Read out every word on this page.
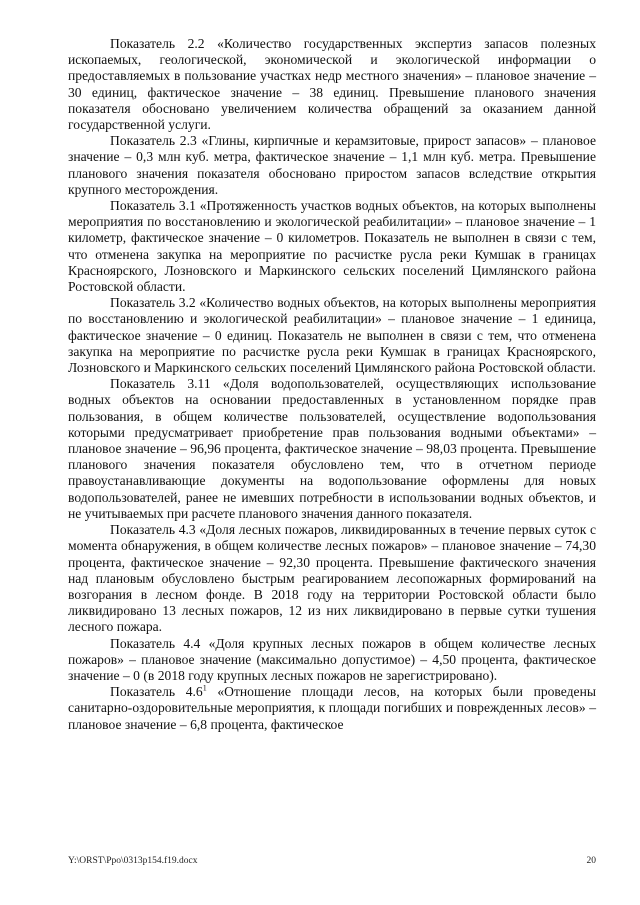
Показатель 2.2 «Количество государственных экспертиз запасов полезных ископаемых, геологической, экономической и экологической информации о предоставляемых в пользование участках недр местного значения» – плановое значение – 30 единиц, фактическое значение – 38 единиц. Превышение планового значения показателя обосновано увеличением количества обращений за оказанием данной государственной услуги.

Показатель 2.3 «Глины, кирпичные и керамзитовые, прирост запасов» – плановое значение – 0,3 млн куб. метра, фактическое значение – 1,1 млн куб. метра. Превышение планового значения показателя обосновано приростом запасов вследствие открытия крупного месторождения.

Показатель 3.1 «Протяженность участков водных объектов, на которых выполнены мероприятия по восстановлению и экологической реабилитации» – плановое значение – 1 километр, фактическое значение – 0 километров. Показатель не выполнен в связи с тем, что отменена закупка на мероприятие по расчистке русла реки Кумшак в границах Красноярского, Лозновского и Маркинского сельских поселений Цимлянского района Ростовской области.

Показатель 3.2 «Количество водных объектов, на которых выполнены мероприятия по восстановлению и экологической реабилитации» – плановое значение – 1 единица, фактическое значение – 0 единиц. Показатель не выполнен в связи с тем, что отменена закупка на мероприятие по расчистке русла реки Кумшак в границах Красноярского, Лозновского и Маркинского сельских поселений Цимлянского района Ростовской области.

Показатель 3.11 «Доля водопользователей, осуществляющих использование водных объектов на основании предоставленных в установленном порядке прав пользования, в общем количестве пользователей, осуществление водопользования которыми предусматривает приобретение прав пользования водными объектами» – плановое значение – 96,96 процента, фактическое значение – 98,03 процента. Превышение планового значения показателя обусловлено тем, что в отчетном периоде правоустанавливающие документы на водопользование оформлены для новых водопользователей, ранее не имевших потребности в использовании водных объектов, и не учитываемых при расчете планового значения данного показателя.

Показатель 4.3 «Доля лесных пожаров, ликвидированных в течение первых суток с момента обнаружения, в общем количестве лесных пожаров» – плановое значение – 74,30 процента, фактическое значение – 92,30 процента. Превышение фактического значения над плановым обусловлено быстрым реагированием лесопожарных формирований на возгорания в лесном фонде. В 2018 году на территории Ростовской области было ликвидировано 13 лесных пожаров, 12 из них ликвидировано в первые сутки тушения лесного пожара.

Показатель 4.4 «Доля крупных лесных пожаров в общем количестве лесных пожаров» – плановое значение (максимально допустимое) – 4,50 процента, фактическое значение – 0 (в 2018 году крупных лесных пожаров не зарегистрировано).

Показатель $4.6^1$ «Отношение площади лесов, на которых были проведены санитарно-оздоровительные мероприятия, к площади погибших и поврежденных лесов» – плановое значение – 6,8 процента, фактическое

Y:\ORST\Ppo\0313p154.f19.docx	20
